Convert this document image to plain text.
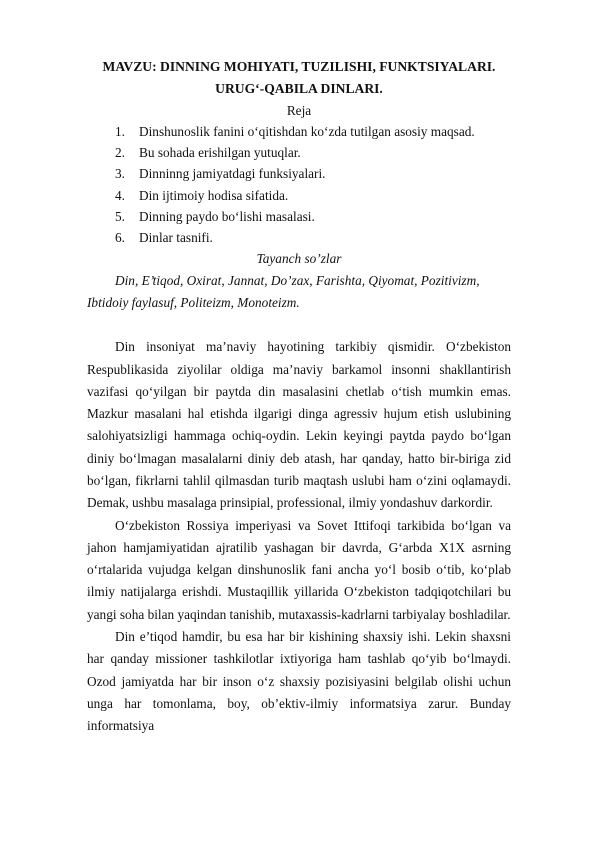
MAVZU: DINNING MOHIYATI, TUZILISHI, FUNKTSIYALARI. URUG‘-QABILA DINLARI.

Reja

1. Dinshunoslik fanini o‘qitishdan ko‘zda tutilgan asosiy maqsad.
2. Bu sohada erishilgan yutuqlar.
3. Dinninng jamiyatdagi funksiyalari.
4. Din ijtimoiy hodisa sifatida.
5. Dinning paydo bo‘lishi masalasi.
6. Dinlar tasnifi.

Tayanch so’zlar

Din, E’tiqod, Oxirat, Jannat, Do’zax, Farishta, Qiyomat, Pozitivizm, Ibtidoiy faylasuf, Politeizm, Monoteizm.

Din insoniyat ma’naviy hayotining tarkibiy qismidir. O‘zbekiston Respublikasida ziyolilar oldiga ma’naviy barkamol insonni shakllantirish vazifasi qo‘yilgan bir paytda din masalasini chetlab o‘tish mumkin emas. Mazkur masalani hal etishda ilgarigi dinga agressiv hujum etish uslubining salohiyatsizligi hammaga ochiq-oydin. Lekin keyingi paytda paydo bo‘lgan diniy bo‘lmagan masalalarni diniy deb atash, har qanday, hatto bir-biriga zid bo‘lgan, fikrlarni tahlil qilmasdan turib maqtash uslubi ham o‘zini oqlamaydi. Demak, ushbu masalaga prinsipial, professional, ilmiy yondashuv darkordir.

O‘zbekiston Rossiya imperiyasi va Sovet Ittifoqi tarkibida bo‘lgan va jahon hamjamiyatidan ajratilib yashagan bir davrda, G‘arbda X1X asrning o‘rtalarida vujudga kelgan dinshunoslik fani ancha yo‘l bosib o‘tib, ko‘plab ilmiy natijalarga erishdi. Mustaqillik yillarida O‘zbekiston tadqiqotchilari bu yangi soha bilan yaqindan tanishib, mutaxassis-kadrlarni tarbiyalay boshladilar.

Din e’tiqod hamdir, bu esa har bir kishining shaxsiy ishi. Lekin shaxsni har qanday missioner tashkilotlar ixtiyoriga ham tashlab qo‘yib bo‘lmaydi. Ozod jamiyatda har bir inson o‘z shaxsiy pozisiyasini belgilab olishi uchun unga har tomonlama, boy, ob’ektiv-ilmiy informatsiya zarur. Bunday informatsiya
